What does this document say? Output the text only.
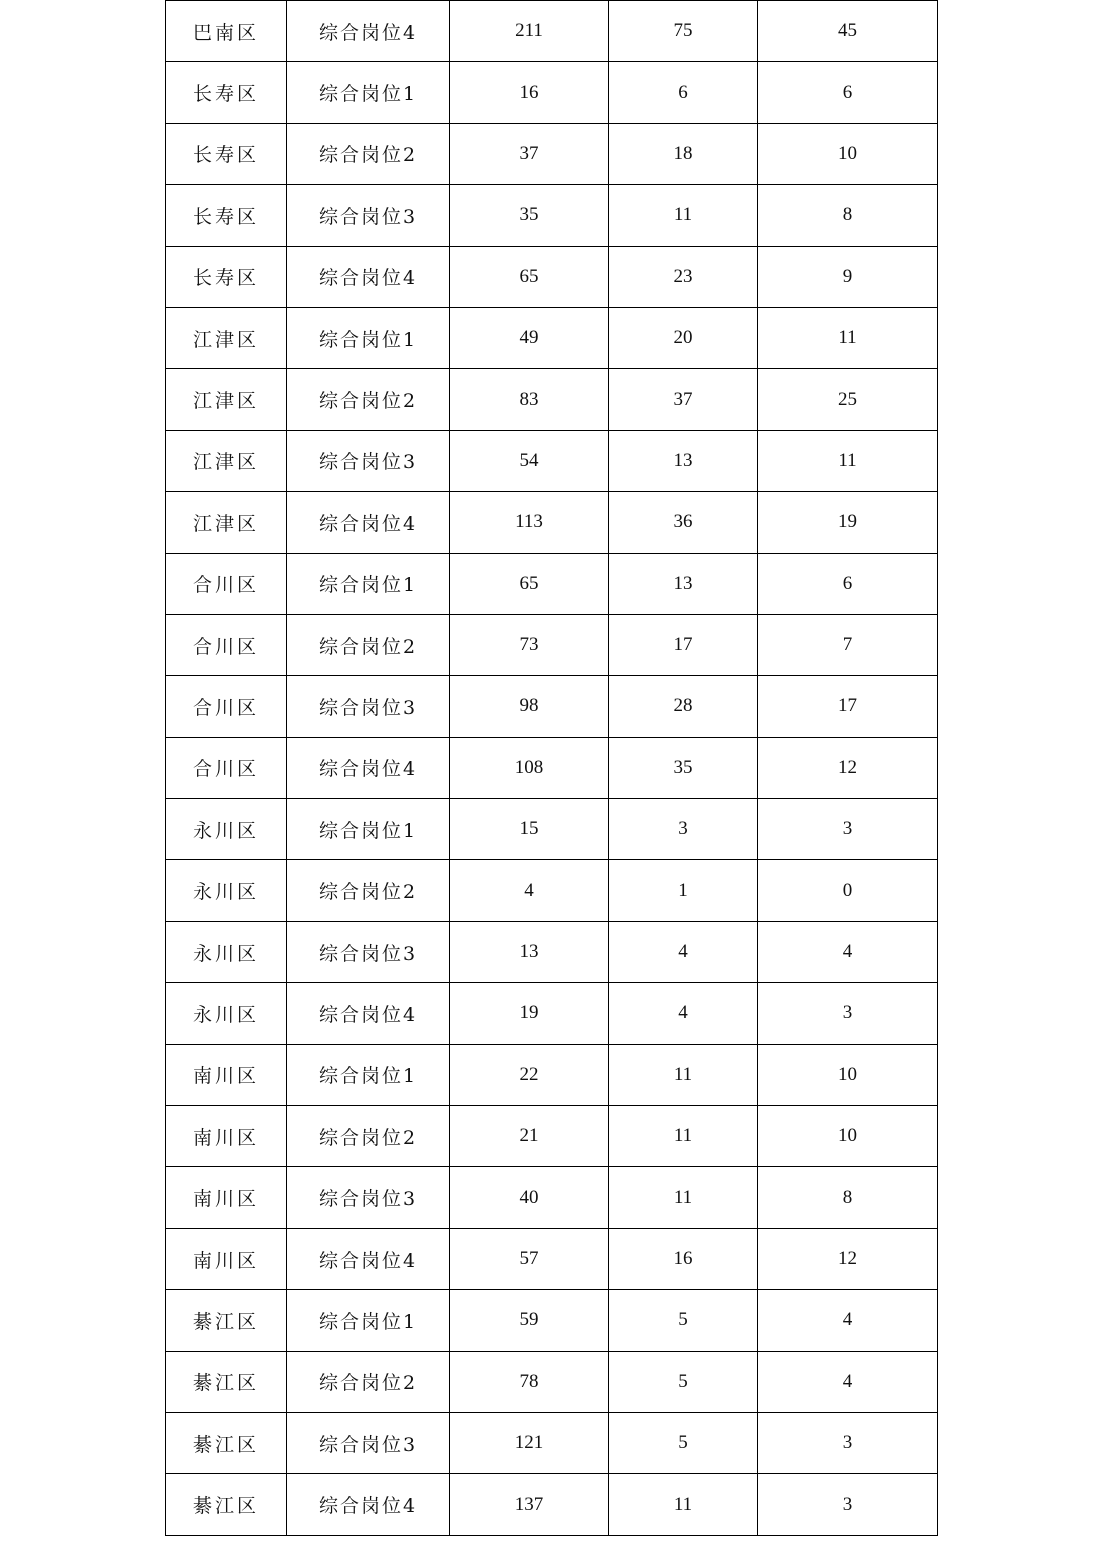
巴南区	综合岗位4	211	75	45
长寿区	综合岗位1	16	6	6
长寿区	综合岗位2	37	18	10
长寿区	综合岗位3	35	11	8
长寿区	综合岗位4	65	23	9
江津区	综合岗位1	49	20	11
江津区	综合岗位2	83	37	25
江津区	综合岗位3	54	13	11
江津区	综合岗位4	113	36	19
合川区	综合岗位1	65	13	6
合川区	综合岗位2	73	17	7
合川区	综合岗位3	98	28	17
合川区	综合岗位4	108	35	12
永川区	综合岗位1	15	3	3
永川区	综合岗位2	4	1	0
永川区	综合岗位3	13	4	4
永川区	综合岗位4	19	4	3
南川区	综合岗位1	22	11	10
南川区	综合岗位2	21	11	10
南川区	综合岗位3	40	11	8
南川区	综合岗位4	57	16	12
綦江区	综合岗位1	59	5	4
綦江区	综合岗位2	78	5	4
綦江区	综合岗位3	121	5	3
綦江区	综合岗位4	137	11	3
